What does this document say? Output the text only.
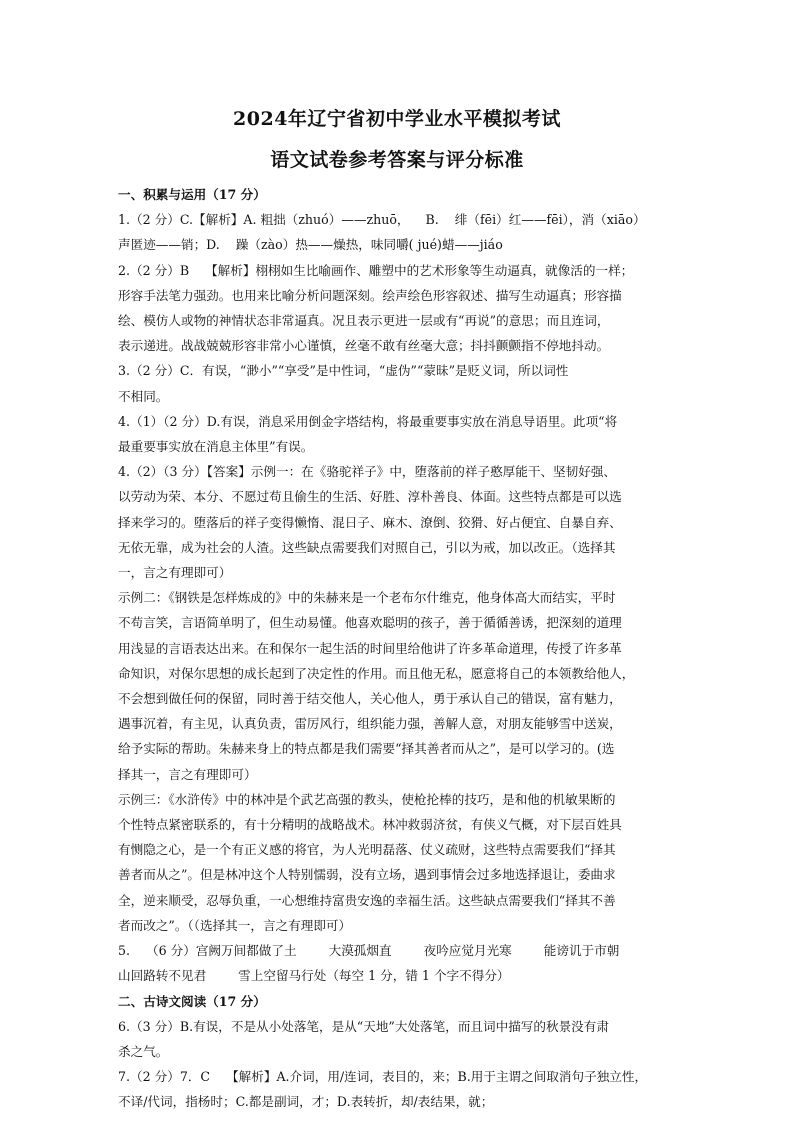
2024年辽宁省初中学业水平模拟考试
语文试卷参考答案与评分标准

一、积累与运用（17 分）

1.（2 分）C.【解析】A. 粗拙（zhuó）——zhuō，    B.    绯（fēi）红——fēi），消（xiāo）

声匿迹——销；D.    躁（zào）热——燥热，味同嚼( jué)蜡——jiáo

2.（2 分）B    【解析】栩栩如生比喻画作、雕塑中的艺术形象等生动逼真，就像活的一样；

形容手法笔力强劲。也用来比喻分析问题深刻。绘声绘色形容叙述、描写生动逼真；形容描

绘、模仿人或物的神情状态非常逼真。况且表示更进一层或有“再说”的意思；而且连词，

表示递进。战战兢兢形容非常小心谨慎，丝毫不敢有丝毫大意；抖抖颤颤指不停地抖动。

3.（2 分）C．有误，“渺小”“享受”是中性词，“虚伪”“蒙昧”是贬义词，所以词性

不相同。

4.（1）（2 分）D.有误，消息采用倒金字塔结构，将最重要事实放在消息导语里。此项“将

最重要事实放在消息主体里”有误。

4.（2）（3 分）【答案】示例一：在《骆驼祥子》中，堕落前的祥子憨厚能干、坚韧好强、

以劳动为荣、本分、不愿过苟且偷生的生活、好胜、淳朴善良、体面。这些特点都是可以选

择来学习的。堕落后的祥子变得懒惰、混日子、麻木、潦倒、狡猾、好占便宜、自暴自弃、

无依无靠，成为社会的人渣。这些缺点需要我们对照自己，引以为戒，加以改正。（选择其

一，言之有理即可）

示例二：《钢铁是怎样炼成的》中的朱赫来是一个老布尔什维克，他身体高大而结实，平时

不苟言笑，言语简单明了，但生动易懂。他喜欢聪明的孩子，善于循循善诱，把深刻的道理

用浅显的言语表达出来。在和保尔一起生活的时间里给他讲了许多革命道理，传授了许多革

命知识，对保尔思想的成长起到了决定性的作用。而且他无私，愿意将自己的本领教给他人，

不会想到做任何的保留，同时善于结交他人，关心他人，勇于承认自己的错误，富有魅力，

遇事沉着，有主见，认真负责，雷厉风行，组织能力强，善解人意，对朋友能够雪中送炭，

给予实际的帮助。朱赫来身上的特点都是我们需要“择其善者而从之”，是可以学习的。(选

择其一，言之有理即可）

示例三：《水浒传》中的林冲是个武艺高强的教头，使枪抡棒的技巧，是和他的机敏果断的

个性特点紧密联系的，有十分精明的战略战术。林冲救弱济贫，有侠义气概，对下层百姓具

有恻隐之心，是一个有正义感的将官，为人光明磊落、仗义疏财，这些特点需要我们“择其

善者而从之”。但是林冲这个人特别懦弱，没有立场，遇到事情会过多地选择退让，委曲求

全，逆来顺受，忍辱负重，一心想维持富贵安逸的幸福生活。这些缺点需要我们“择其不善

者而改之”。（（选择其一，言之有理即可）

5.    （6 分）宫阙万间都做了土        大漠孤烟直        夜吟应觉月光寒        能谤讥于市朝

山回路转不见君        雪上空留马行处（每空 1 分，错 1 个字不得分）

二、古诗文阅读（17 分）

6.（3 分）B.有误，不是从小处落笔，是从“天地”大处落笔，而且词中描写的秋景没有肃

杀之气。

7.（2 分）7．C    【解析】A.介词，用/连词，表目的，来；B.用于主谓之间取消句子独立性，

不译/代词，指杨时；C.都是副词，才；D.表转折，却/表结果，就；
